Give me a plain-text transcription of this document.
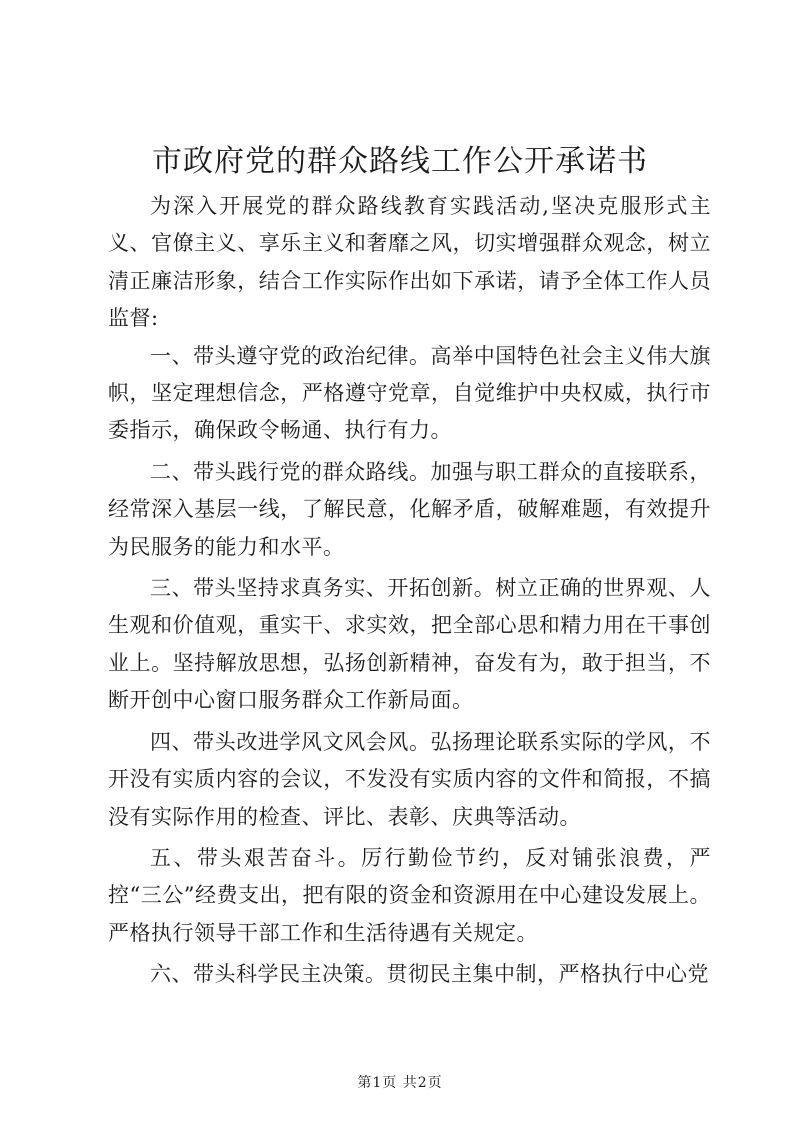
市政府党的群众路线工作公开承诺书

为深入开展党的群众路线教育实践活动,坚决克服形式主义、官僚主义、享乐主义和奢靡之风，切实增强群众观念，树立清正廉洁形象，结合工作实际作出如下承诺，请予全体工作人员监督:

一、带头遵守党的政治纪律。高举中国特色社会主义伟大旗帜，坚定理想信念，严格遵守党章，自觉维护中央权威，执行市委指示，确保政令畅通、执行有力。

二、带头践行党的群众路线。加强与职工群众的直接联系，经常深入基层一线，了解民意，化解矛盾，破解难题，有效提升为民服务的能力和水平。

三、带头坚持求真务实、开拓创新。树立正确的世界观、人生观和价值观，重实干、求实效，把全部心思和精力用在干事创业上。坚持解放思想，弘扬创新精神，奋发有为，敢于担当，不断开创中心窗口服务群众工作新局面。

四、带头改进学风文风会风。弘扬理论联系实际的学风，不开没有实质内容的会议，不发没有实质内容的文件和简报，不搞没有实际作用的检查、评比、表彰、庆典等活动。

五、带头艰苦奋斗。厉行勤俭节约，反对铺张浪费，严控“三公”经费支出，把有限的资金和资源用在中心建设发展上。严格执行领导干部工作和生活待遇有关规定。

六、带头科学民主决策。贯彻民主集中制，严格执行中心党

第1页 共2页
